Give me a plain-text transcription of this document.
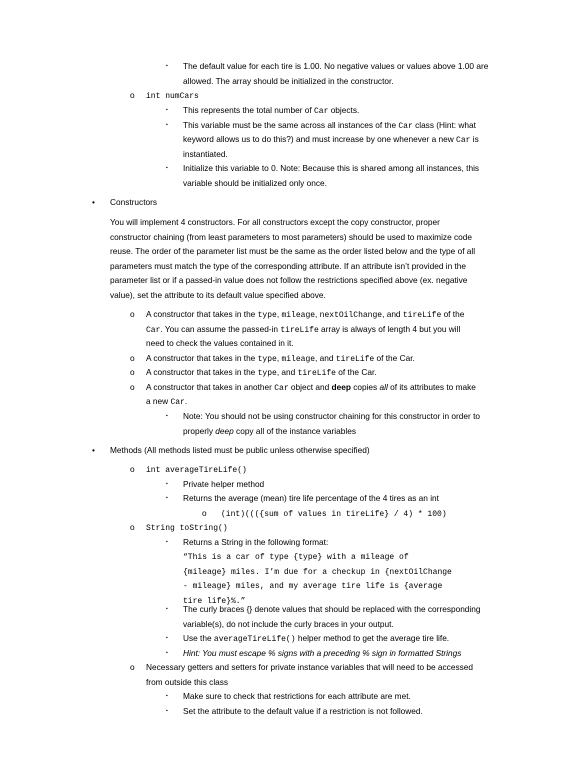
▪ The default value for each tire is 1.00. No negative values or values above 1.00 are
allowed. The array should be initialized in the constructor.
o int numCars
▪ This represents the total number of Car objects.
▪ This variable must be the same across all instances of the Car class (Hint: what
keyword allows us to do this?) and must increase by one whenever a new Car is
instantiated.
▪ Initialize this variable to 0. Note: Because this is shared among all instances, this
variable should be initialized only once.
• Constructors
You will implement 4 constructors. For all constructors except the copy constructor, proper
constructor chaining (from least parameters to most parameters) should be used to maximize code
reuse. The order of the parameter list must be the same as the order listed below and the type of all
parameters must match the type of the corresponding attribute. If an attribute isn’t provided in the
parameter list or if a passed-in value does not follow the restrictions specified above (ex. negative
value), set the attribute to its default value specified above.
o A constructor that takes in the type, mileage, nextOilChange, and tireLife of the
Car. You can assume the passed-in tireLife array is always of length 4 but you will
need to check the values contained in it.
o A constructor that takes in the type, mileage, and tireLife of the Car.
o A constructor that takes in the type, and tireLife of the Car.
o A constructor that takes in another Car object and deep copies all of its attributes to make
a new Car.
▪ Note: You should not be using constructor chaining for this constructor in order to
properly deep copy all of the instance variables
• Methods (All methods listed must be public unless otherwise specified)
o int averageTireLife()
▪ Private helper method
▪ Returns the average (mean) tire life percentage of the 4 tires as an int
o (int)((({sum of values in tireLife} / 4) * 100)
o String toString()
▪ Returns a String in the following format:
“This is a car of type {type} with a mileage of
{mileage} miles. I’m due for a checkup in {nextOilChange
- mileage} miles, and my average tire life is {average
tire life}%.”
▪ The curly braces {} denote values that should be replaced with the corresponding
variable(s), do not include the curly braces in your output.
▪ Use the averageTireLife() helper method to get the average tire life.
▪ Hint: You must escape % signs with a preceding % sign in formatted Strings
o Necessary getters and setters for private instance variables that will need to be accessed
from outside this class
▪ Make sure to check that restrictions for each attribute are met.
▪ Set the attribute to the default value if a restriction is not followed.
